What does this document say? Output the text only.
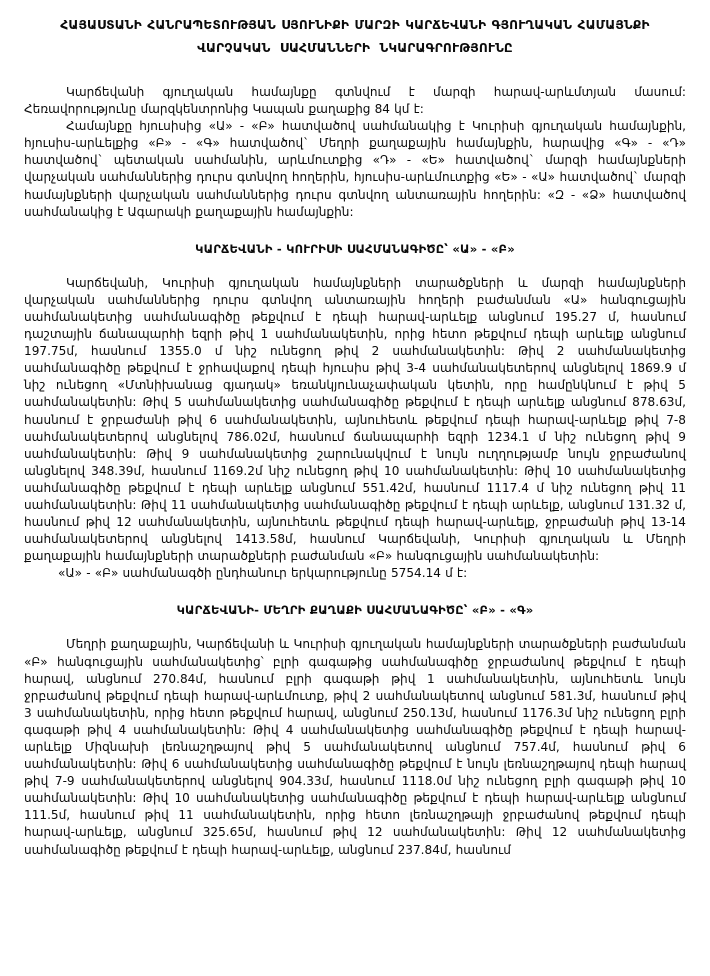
ՀԱՅԱՍՏԱՆԻ ՀԱՆՐԱՊԵՏՈՒԹՅԱՆ ՍՅՈՒՆԻՔԻ ՄԱՐԶԻ ԿԱՐՃԵՎԱՆԻ ԳՅՈՒՂԱԿԱՆ ՀԱՄԱՅՆՔԻ
ՎԱՐՉԱԿԱՆ ՍԱՀՄԱՆՆԵՐԻ ՆԿԱՐԱԳՐՈՒԹՅՈՒՆԸ

Կարճեվանի գյուղական համայնքը գտնվում է մարզի հարավ-արևմտյան մասում: Հեռավորությունը մարզկենտրոնից Կապան քաղաքից 84 կմ է:

Համայնքը հյուսիսից «Ա» - «Բ» հատվածով սահմանակից է Կուրիսի գյուղական համայնքին, հյուսիս-արևելքից «Բ» - «Գ» հատվածով` Մեղրի քաղաքային համայնքին, հարավից «Գ» - «Դ» հատվածով` պետական սահմանին, արևմուտքից «Դ» - «Ե» հատվածով` մարզի համայնքների վարչական սահմաններից դուրս գտնվող հողերին, հյուսիս-արևմուտքից «Ե» - «Ա» հատվածով` մարզի համայնքների վարչական սահմաններից դուրս գտնվող անտառային հողերին: «Զ - «Ձ» հատվածով սահմանակից է Ագարակի քաղաքային համայնքին:

ԿԱՐՃԵՎԱՆԻ - ԿՈՒՐԻՍԻ ՍԱՀՄԱՆԱԳԻԾԸ՝ «Ա» - «Բ»

Կարճեվանի, Կուրիսի գյուղական համայնքների տարածքների և մարզի համայնքների վարչական սահմաններից դուրս գտնվող անտառային հողերի բաժանման «Ա» հանգուցային սահմանակետից սահմանագիծը թեքվում է դեպի հարավ-արևելք անցնում 195.27 մ, հասնում դաշտային ճանապարհի եզրի թիվ 1 սահմանակետին, որից հետո թեքվում դեպի արևելք անցնում 197.75մ, հասնում 1355.0 մ նիշ ունեցող թիվ 2 սահմանակետին: Թիվ 2 սահմանակետից սահմանագիծը թեքվում է ջրհավաքով դեպի հյուսիս թիվ 3-4 սահմանակետերով անցնելով 1869.9 մ նիշ ունեցող «Մտնիխանաց գյադակ» եռանկյունաչափական կետին, որը համընկնում է թիվ 5 սահմանակետին: Թիվ 5 սահմանակետից սահմանագիծը թեքվում է դեպի արևելք անցնում 878.63մ, հասնում է ջրբաժանի թիվ 6 սահմանակետին, այնուհետև թեքվում դեպի հարավ-արևելք թիվ 7-8 սահմանակետերով անցնելով 786.02մ, հասնում ճանապարհի եզրի 1234.1 մ նիշ ունեցող թիվ 9 սահմանակետին: Թիվ 9 սահմանակետից շարունակվում է նույն ուղղությամբ նույն ջրբաժանով անցնելով 348.39մ, հասնում 1169.2մ նիշ ունեցող թիվ 10 սահմանակետին: Թիվ 10 սահմանակետից սահմանագիծը թեքվում է դեպի արևելք անցնում 551.42մ, հասնում 1117.4 մ նիշ ունեցող թիվ 11 սահմանակետին: Թիվ 11 սահմանակետից սահմանագիծը թեքվում է դեպի արևելք, անցնում 131.32 մ, հասնում թիվ 12 սահմանակետին, այնուհետև թեքվում դեպի հարավ-արևելք, ջրբաժանի թիվ 13-14 սահմանակետերով անցնելով 1413.58մ, հասնում Կարճեվանի, Կուրիսի գյուղական և Մեղրի քաղաքային համայնքների տարածքների բաժանման «Բ» հանգուցային սահմանակետին:

«Ա» - «Բ» սահմանագծի ընդհանուր երկարությունը 5754.14 մ է:

ԿԱՐՃԵՎԱՆԻ- ՄԵՂՐԻ ՔԱՂԱՔԻ ՍԱՀՄԱՆԱԳԻԾԸ՝ «Բ» - «Գ»

Մեղրի քաղաքային, Կարճեվանի և Կուրիսի գյուղական համայնքների տարածքների բաժանման «Բ» հանգուցային սահմանակետից՝ բլրի գագաթից սահմանագիծը ջրբաժանով թեքվում է դեպի հարավ, անցնում 270.84մ, հասնում բլրի գագաթի թիվ 1 սահմանակետին, այնուհետև նույն ջրբաժանով թեքվում դեպի հարավ-արևմուտք, թիվ 2 սահմանակետով անցնում 581.3մ, հասնում թիվ 3 սահմանակետին, որից հետո թեքվում հարավ, անցնում 250.13մ, հասնում 1176.3մ նիշ ունեցող բլրի գագաթի թիվ 4 սահմանակետին: Թիվ 4 սահմանակետից սահմանագիծը թեքվում է դեպի հարավ-արևելք Միզնախի լեռնաշղթայով թիվ 5 սահմանակետով անցնում 757.4մ, հասնում թիվ 6 սահմանակետին: Թիվ 6 սահմանակետից սահմանագիծը թեքվում է նույն լեռնաշղթայով դեպի հարավ թիվ 7-9 սահմանակետերով անցնելով 904.33մ, հասնում 1118.0մ նիշ ունեցող բլրի գագաթի թիվ 10 սահմանակետին: Թիվ 10 սահմանակետից սահմանագիծը թեքվում է դեպի հարավ-արևելք անցնում 111.5մ, հասնում թիվ 11 սահմանակետին, որից հետո լեռնաշղթայի ջրբաժանով թեքվում դեպի հարավ-արևելք, անցնում 325.65մ, հասնում թիվ 12 սահմանակետին: Թիվ 12 սահմանակետից սահմանագիծը թեքվում է դեպի հարավ-արևելք, անցնում 237.84մ, հասնում
